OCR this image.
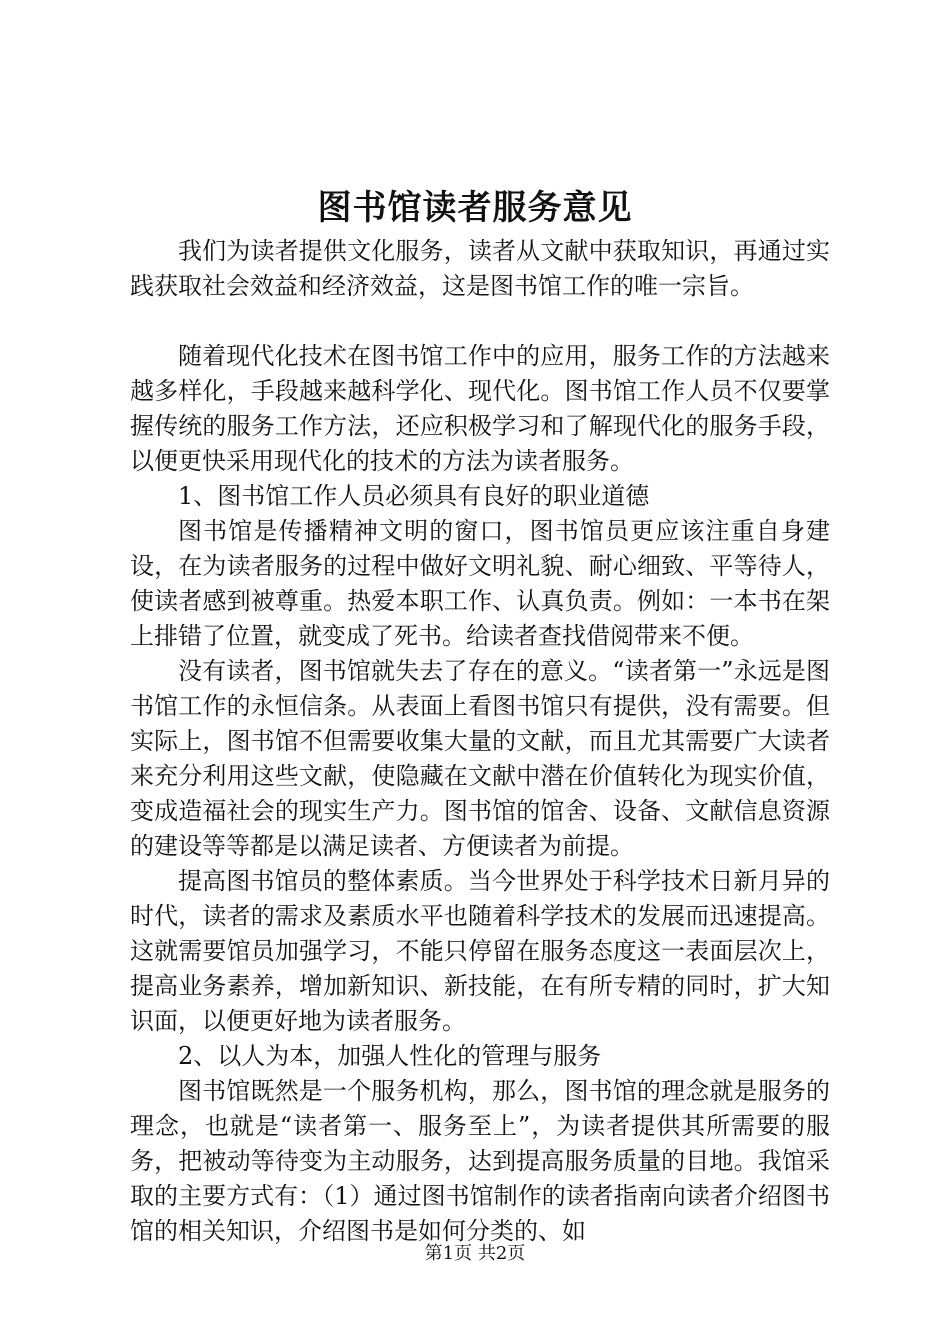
图书馆读者服务意见

我们为读者提供文化服务，读者从文献中获取知识，再通过实践获取社会效益和经济效益，这是图书馆工作的唯一宗旨。

随着现代化技术在图书馆工作中的应用，服务工作的方法越来越多样化，手段越来越科学化、现代化。图书馆工作人员不仅要掌握传统的服务工作方法，还应积极学习和了解现代化的服务手段，以便更快采用现代化的技术的方法为读者服务。

1、图书馆工作人员必须具有良好的职业道德

图书馆是传播精神文明的窗口，图书馆员更应该注重自身建设，在为读者服务的过程中做好文明礼貌、耐心细致、平等待人，使读者感到被尊重。热爱本职工作、认真负责。例如：一本书在架上排错了位置，就变成了死书。给读者查找借阅带来不便。

没有读者，图书馆就失去了存在的意义。“读者第一”永远是图书馆工作的永恒信条。从表面上看图书馆只有提供，没有需要。但实际上，图书馆不但需要收集大量的文献，而且尤其需要广大读者来充分利用这些文献，使隐藏在文献中潜在价值转化为现实价值，变成造福社会的现实生产力。图书馆的馆舍、设备、文献信息资源的建设等等都是以满足读者、方便读者为前提。

提高图书馆员的整体素质。当今世界处于科学技术日新月异的时代，读者的需求及素质水平也随着科学技术的发展而迅速提高。这就需要馆员加强学习，不能只停留在服务态度这一表面层次上，提高业务素养，增加新知识、新技能，在有所专精的同时，扩大知识面，以便更好地为读者服务。

2、以人为本，加强人性化的管理与服务

图书馆既然是一个服务机构，那么，图书馆的理念就是服务的理念，也就是“读者第一、服务至上”，为读者提供其所需要的服务，把被动等待变为主动服务，达到提高服务质量的目地。我馆采取的主要方式有：（1）通过图书馆制作的读者指南向读者介绍图书馆的相关知识，介绍图书是如何分类的、如

第1页 共2页
